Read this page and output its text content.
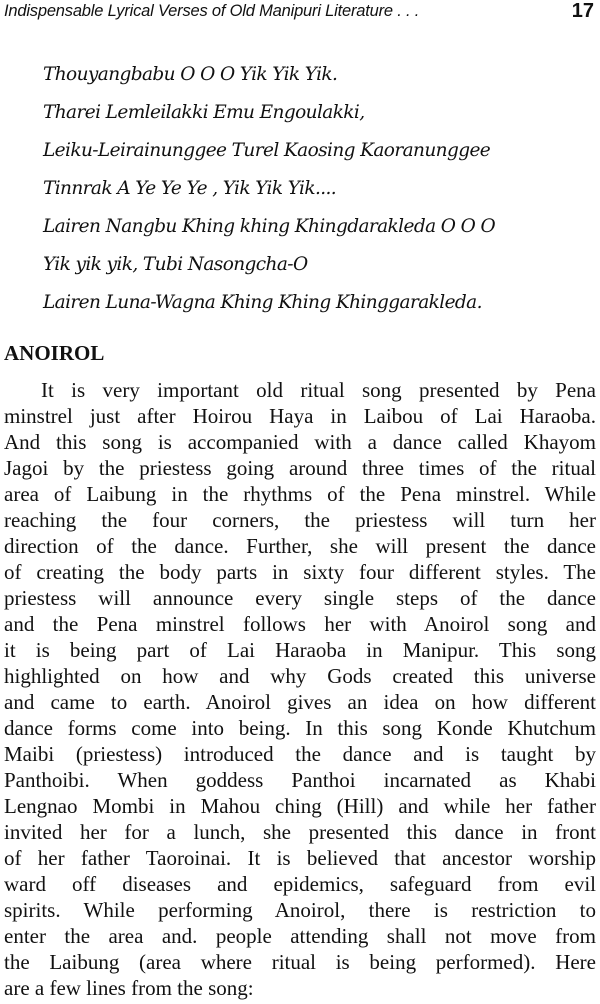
Indispensable Lyrical Verses of Old Manipuri Literature . . .	17
Thouyangbabu O O O Yik Yik Yik.
Tharei Lemleilakki Emu Engoulakki,
Leiku-Leirainunggee Turel Kaosing Kaoranunggee
Tinnrak A Ye Ye Ye , Yik Yik Yik....
Lairen Nangbu Khing khing Khingdarakleda O O O
Yik yik yik, Tubi Nasongcha-O
Lairen Luna-Wagna Khing Khing Khinggarakleda.
ANOIROL
It is very important old ritual song presented by Pena
minstrel just after Hoirou Haya in Laibou of Lai Haraoba.
And this song is accompanied with a dance called Khayom
Jagoi by the priestess going around three times of the ritual
area of Laibung in the rhythms of the Pena minstrel. While
reaching the four corners, the priestess will turn her
direction of the dance. Further, she will present the dance
of creating the body parts in sixty four different styles. The
priestess will announce every single steps of the dance
and the Pena minstrel follows her with Anoirol song and
it is being part of Lai Haraoba in Manipur. This song
highlighted on how and why Gods created this universe
and came to earth. Anoirol gives an idea on how different
dance forms come into being. In this song Konde Khutchum
Maibi (priestess) introduced the dance and is taught by
Panthoibi. When goddess Panthoi incarnated as Khabi
Lengnao Mombi in Mahou ching (Hill) and while her father
invited her for a lunch, she presented this dance in front
of her father Taoroinai. It is believed that ancestor worship
ward off diseases and epidemics, safeguard from evil
spirits. While performing Anoirol, there is restriction to
enter the area and. people attending shall not move from
the Laibung (area where ritual is being performed). Here
are a few lines from the song:
